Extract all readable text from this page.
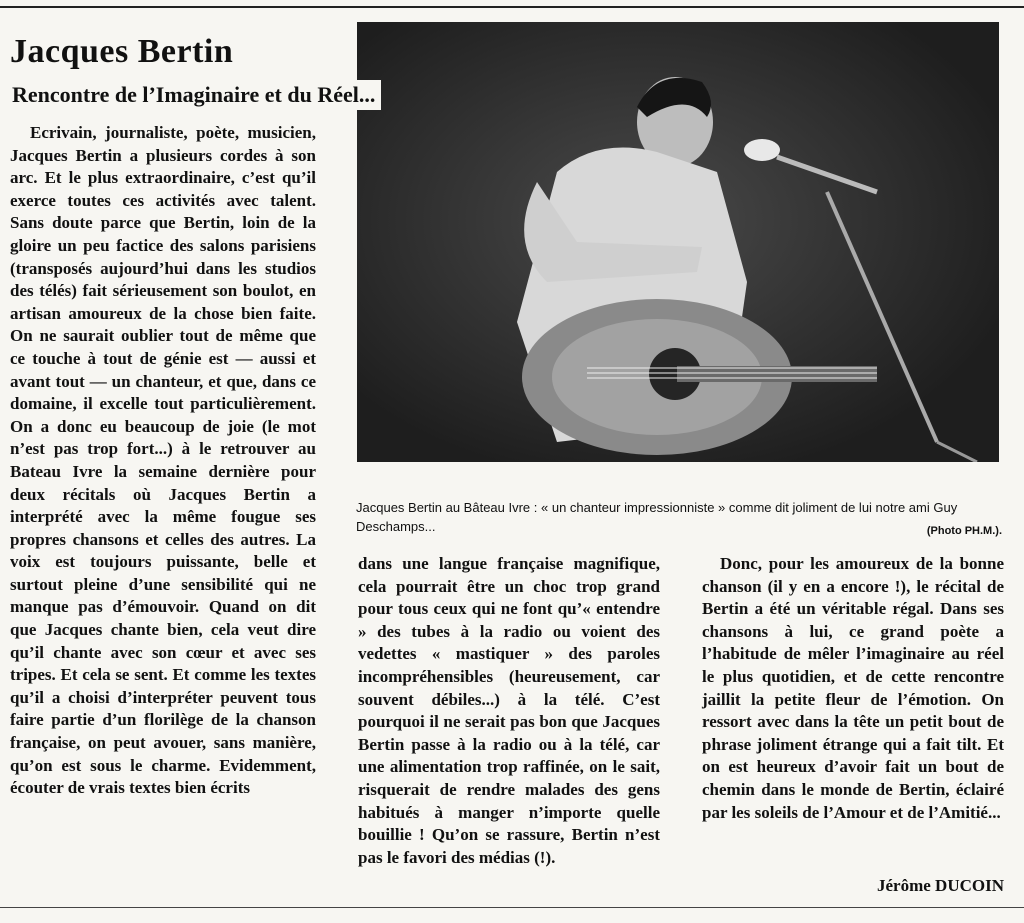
Jacques Bertin
Rencontre de l’Imaginaire et du Réel...

Ecrivain, journaliste, poète, musicien, Jacques Bertin a plusieurs cordes à son arc. Et le plus extraordinaire, c’est qu’il exerce toutes ces activités avec talent. Sans doute parce que Bertin, loin de la gloire un peu factice des salons parisiens (transposés aujourd’hui dans les studios des télés) fait sérieusement son boulot, en artisan amoureux de la chose bien faite. On ne saurait oublier tout de même que ce touche à tout de génie est — aussi et avant tout — un chanteur, et que, dans ce domaine, il excelle tout particulièrement. On a donc eu beaucoup de joie (le mot n’est pas trop fort...) à le retrouver au Bateau Ivre la semaine dernière pour deux récitals où Jacques Bertin a interprété avec la même fougue ses propres chansons et celles des autres. La voix est toujours puissante, belle et surtout pleine d’une sensibilité qui ne manque pas d’émouvoir. Quand on dit que Jacques chante bien, cela veut dire qu’il chante avec son cœur et avec ses tripes. Et cela se sent. Et comme les textes qu’il a choisi d’interpréter peuvent tous faire partie d’un florilège de la chanson française, on peut avouer, sans manière, qu’on est sous le charme. Evidemment, écouter de vrais textes bien écrits

Jacques Bertin au Bâteau Ivre : « un chanteur impressionniste » comme dit joliment de lui notre ami Guy Deschamps...	(Photo PH.M.).

dans une langue française magnifique, cela pourrait être un choc trop grand pour tous ceux qui ne font qu’« entendre » des tubes à la radio ou voient des vedettes « mastiquer » des paroles incompréhensibles (heureusement, car souvent débiles...) à la télé. C’est pourquoi il ne serait pas bon que Jacques Bertin passe à la radio ou à la télé, car une alimentation trop raffinée, on le sait, risquerait de rendre malades des gens habitués à manger n’importe quelle bouillie ! Qu’on se rassure, Bertin n’est pas le favori des médias (!).

Donc, pour les amoureux de la bonne chanson (il y en a encore !), le récital de Bertin a été un véritable régal. Dans ses chansons à lui, ce grand poète a l’habitude de mêler l’imaginaire au réel le plus quotidien, et de cette rencontre jaillit la petite fleur de l’émotion. On ressort avec dans la tête un petit bout de phrase joliment étrange qui a fait tilt. Et on est heureux d’avoir fait un bout de chemin dans le monde de Bertin, éclairé par les soleils de l’Amour et de l’Amitié...

Jérôme DUCOIN
